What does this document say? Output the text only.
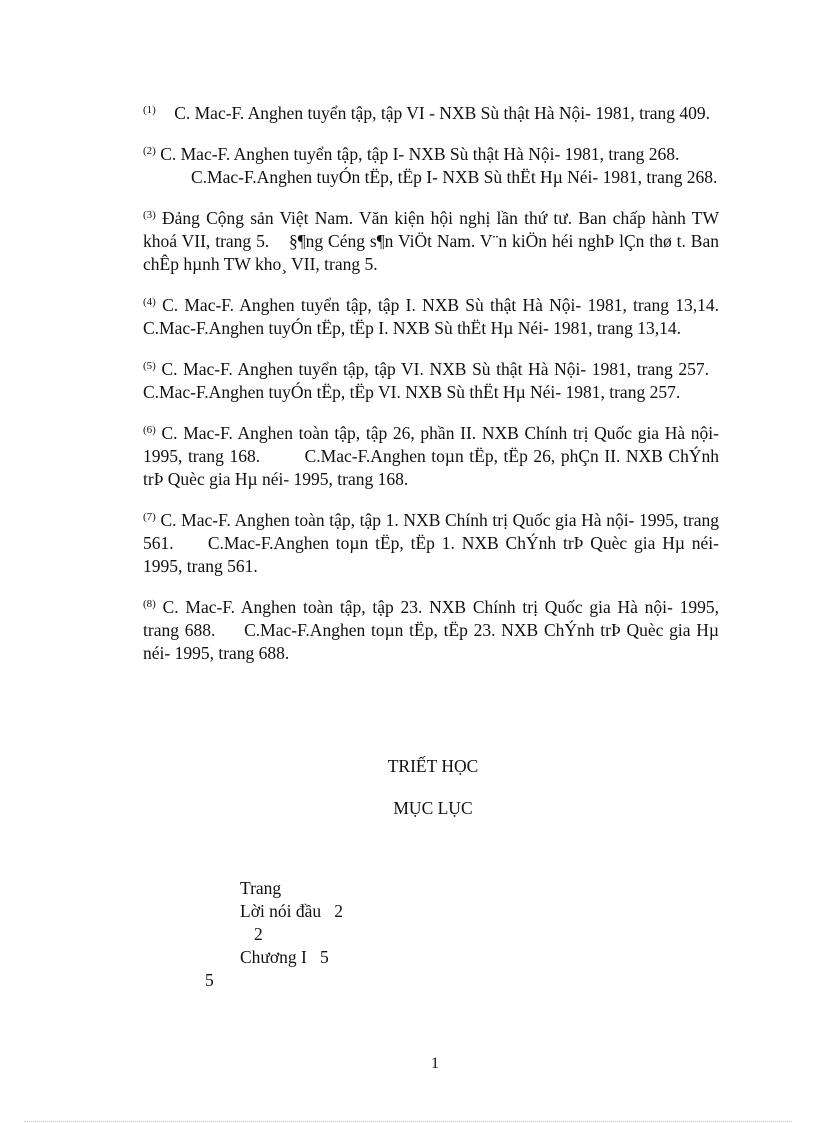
$^{(1)}$ C. Mac-F. Anghen tuyển tập, tập VI - NXB Sù thật Hà Nội- 1981, trang 409.

$^{(2)}$ C. Mac-F. Anghen tuyển tập, tập I- NXB Sù thật Hà Nội- 1981, trang 268.
C.Mac-F.Anghen tuyÓn tËp, tËp I- NXB Sù thËt Hµ Néi- 1981, trang 268.

$^{(3)}$ Đảng Cộng sản Việt Nam. Văn kiện hội nghị lần thứ tư. Ban chấp hành TW khoá VII, trang 5. §¶ng Céng s¶n ViÖt Nam. V¨n kiÖn héi nghÞ lÇn thø t. Ban chÊp hµnh TW kho¸ VII, trang 5.

$^{(4)}$ C. Mac-F. Anghen tuyển tập, tập I. NXB Sù thật Hà Nội- 1981, trang 13,14. C.Mac-F.Anghen tuyÓn tËp, tËp I. NXB Sù thËt Hµ Néi- 1981, trang 13,14.

$^{(5)}$ C. Mac-F. Anghen tuyển tập, tập VI. NXB Sù thật Hà Nội- 1981, trang 257.   C.Mac-F.Anghen tuyÓn tËp, tËp VI. NXB Sù thËt Hµ Néi- 1981, trang 257.

$^{(6)}$ C. Mac-F. Anghen toàn tập, tập 26, phần II. NXB Chính trị Quốc gia Hà nội- 1995, trang 168.	C.Mac-F.Anghen toµn tËp, tËp 26, phÇn II. NXB ChÝnh trÞ Quèc gia Hµ néi- 1995, trang 168.

$^{(7)}$ C. Mac-F. Anghen toàn tập, tập 1. NXB Chính trị Quốc gia Hà nội- 1995, trang 561. C.Mac-F.Anghen toµn tËp, tËp 1. NXB ChÝnh trÞ Quèc gia Hµ néi- 1995, trang 561.

$^{(8)}$ C. Mac-F. Anghen toàn tập, tập 23. NXB Chính trị Quốc gia Hà nội- 1995, trang 688. C.Mac-F.Anghen toµn tËp, tËp 23. NXB ChÝnh trÞ Quèc gia Hµ néi- 1995, trang 688.

TRIẾT HỌC
MỤC LỤC
Trang
Lời nói đầu   2
2
Chương I   5
5
1
